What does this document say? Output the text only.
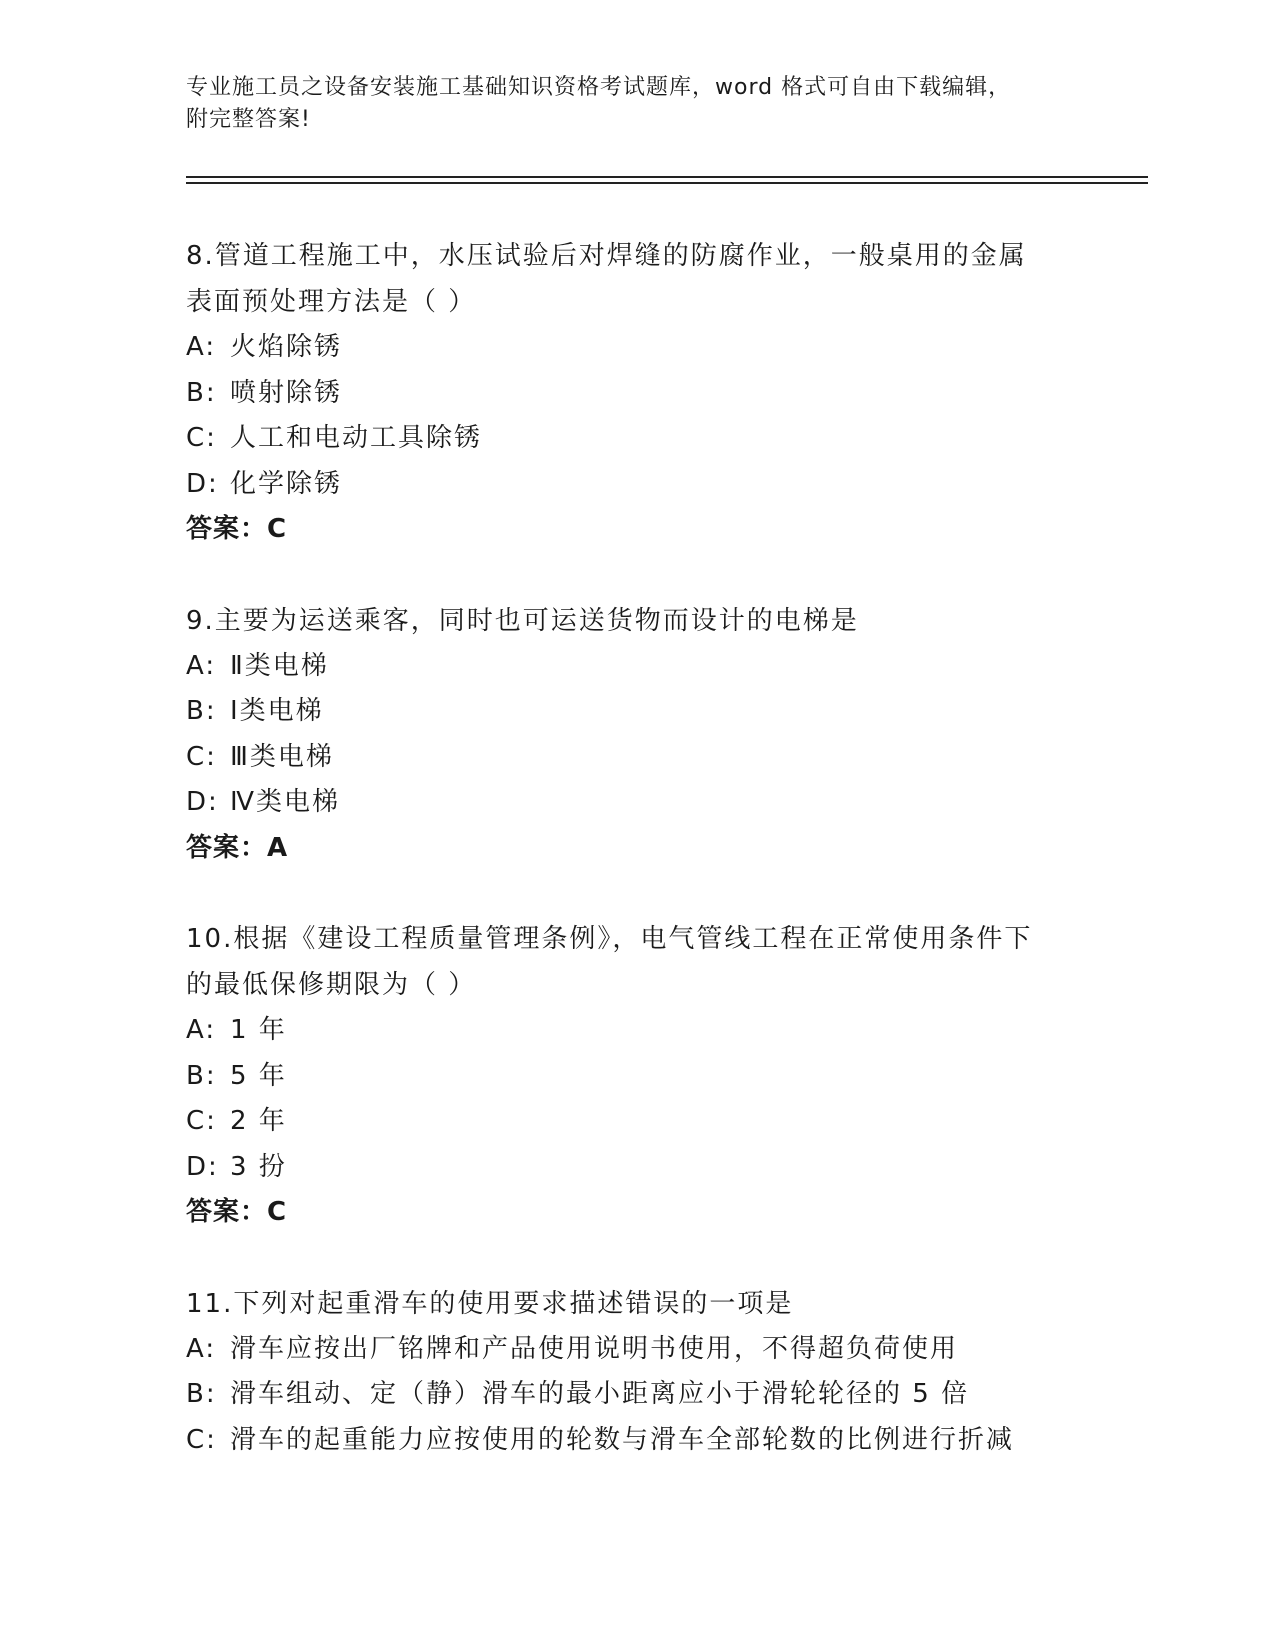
专业施工员之设备安装施工基础知识资格考试题库，word 格式可自由下载编辑，
附完整答案!

8.管道工程施工中，水压试验后对焊缝的防腐作业，一般桌用的金属

表面预处理方法是（ ）

A: 火焰除锈

B: 喷射除锈

C: 人工和电动工具除锈

D: 化学除锈

答案：C

9.主要为运送乘客，同时也可运送货物而设计的电梯是

A: Ⅱ类电梯

B: Ⅰ类电梯

C: Ⅲ类电梯

D: Ⅳ类电梯

答案：A

10.根据《建设工程质量管理条例》，电气管线工程在正常使用条件下

的最低保修期限为（ ）

A: 1 年

B: 5 年

C: 2 年

D: 3 扮

答案：C

11.下列对起重滑车的使用要求描述错误的一项是

A: 滑车应按出厂铭牌和产品使用说明书使用，不得超负荷使用

B: 滑车组动、定（静）滑车的最小距离应小于滑轮轮径的 5 倍

C: 滑车的起重能力应按使用的轮数与滑车全部轮数的比例进行折减
